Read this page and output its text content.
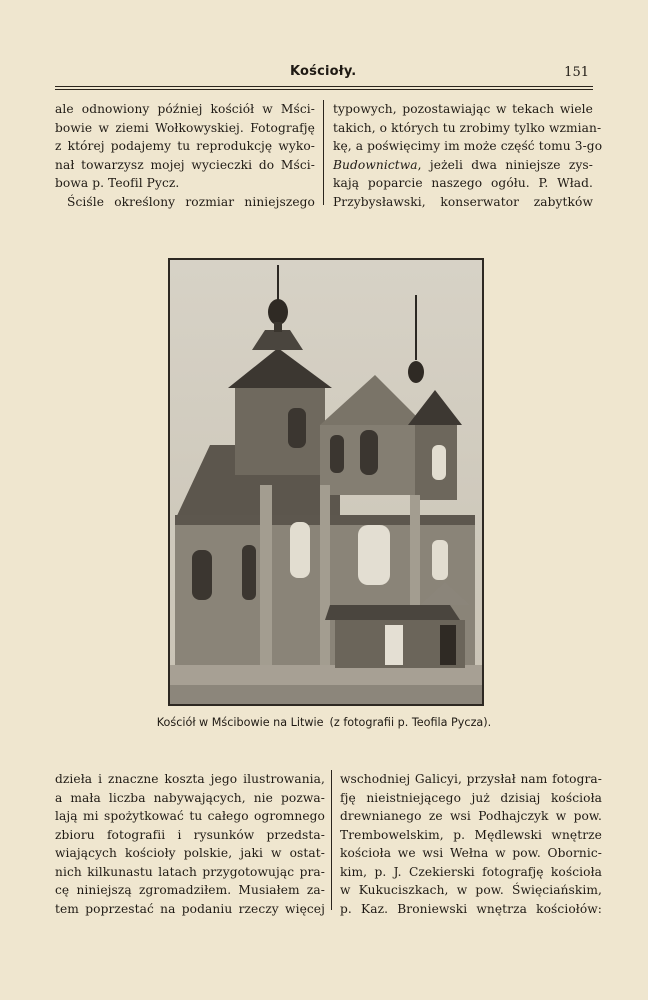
Kościoły.	151
ale odnowiony później kościół w Mści-
bowie w ziemi Wołkowyskiej. Fotografję
z której podajemy tu reprodukcję wyko-
nał towarzysz mojej wycieczki do Mści-
bowa p. Teofil Pycz.
Ściśle określony rozmiar niniejszego
typowych, pozostawiając w tekach wiele
takich, o których tu zrobimy tylko wzmian-
kę, a poświęcimy im może część tomu 3-go
Budownictwa, jeżeli dwa niniejsze zys-
kają poparcie naszego ogółu. P. Wład.
Przybysławski, konserwator zabytków
Kościół w Mścibowie na Litwie (z fotografii p. Teofila Pycza).
dzieła i znaczne koszta jego ilustrowania,
a mała liczba nabywających, nie pozwa-
lają mi spożytkować tu całego ogromnego
zbioru fotografii i rysunków przedsta-
wiających kościoły polskie, jaki w ostat-
nich kilkunastu latach przygotowując pra-
cę niniejszą zgromadziłem. Musiałem za-
tem poprzestać na podaniu rzeczy więcej
wschodniej Galicyi, przysłał nam fotogra-
fję nieistniejącego już dzisiaj kościoła
drewnianego ze wsi Podhajczyk w pow.
Trembowelskim, p. Mędlewski wnętrze
kościoła we wsi Wełna w pow. Obornic-
kim, p. J. Czekierski fotografję kościoła
w Kukuciszkach, w pow. Święciańskim,
p. Kaz. Broniewski wnętrza kościołów:
